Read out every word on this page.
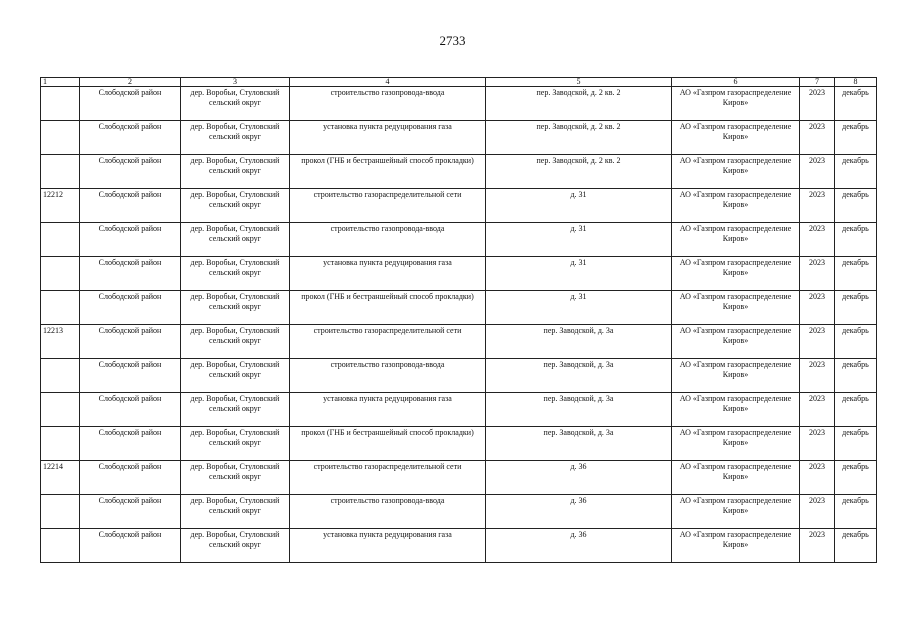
2733
1	2	3	4	5	6	7	8
	Слободской район	дер. Воробьи, Стуловский сельский округ	строительство газопровода-ввода	пер. Заводской, д. 2 кв. 2	АО «Газпром газораспределение Киров»	2023	декабрь
	Слободской район	дер. Воробьи, Стуловский сельский округ	установка пункта редуцирования газа	пер. Заводской, д. 2 кв. 2	АО «Газпром газораспределение Киров»	2023	декабрь
	Слободской район	дер. Воробьи, Стуловский сельский округ	прокол (ГНБ и бестраншейный способ прокладки)	пер. Заводской, д. 2 кв. 2	АО «Газпром газораспределение Киров»	2023	декабрь
12212	Слободской район	дер. Воробьи, Стуловский сельский округ	строительство газораспределительной сети	д. 31	АО «Газпром газораспределение Киров»	2023	декабрь
	Слободской район	дер. Воробьи, Стуловский сельский округ	строительство газопровода-ввода	д. 31	АО «Газпром газораспределение Киров»	2023	декабрь
	Слободской район	дер. Воробьи, Стуловский сельский округ	установка пункта редуцирования газа	д. 31	АО «Газпром газораспределение Киров»	2023	декабрь
	Слободской район	дер. Воробьи, Стуловский сельский округ	прокол (ГНБ и бестраншейный способ прокладки)	д. 31	АО «Газпром газораспределение Киров»	2023	декабрь
12213	Слободской район	дер. Воробьи, Стуловский сельский округ	строительство газораспределительной сети	пер. Заводской, д. 3а	АО «Газпром газораспределение Киров»	2023	декабрь
	Слободской район	дер. Воробьи, Стуловский сельский округ	строительство газопровода-ввода	пер. Заводской, д. 3а	АО «Газпром газораспределение Киров»	2023	декабрь
	Слободской район	дер. Воробьи, Стуловский сельский округ	установка пункта редуцирования газа	пер. Заводской, д. 3а	АО «Газпром газораспределение Киров»	2023	декабрь
	Слободской район	дер. Воробьи, Стуловский сельский округ	прокол (ГНБ и бестраншейный способ прокладки)	пер. Заводской, д. 3а	АО «Газпром газораспределение Киров»	2023	декабрь
12214	Слободской район	дер. Воробьи, Стуловский сельский округ	строительство газораспределительной сети	д. 36	АО «Газпром газораспределение Киров»	2023	декабрь
	Слободской район	дер. Воробьи, Стуловский сельский округ	строительство газопровода-ввода	д. 36	АО «Газпром газораспределение Киров»	2023	декабрь
	Слободской район	дер. Воробьи, Стуловский сельский округ	установка пункта редуцирования газа	д. 36	АО «Газпром газораспределение Киров»	2023	декабрь
